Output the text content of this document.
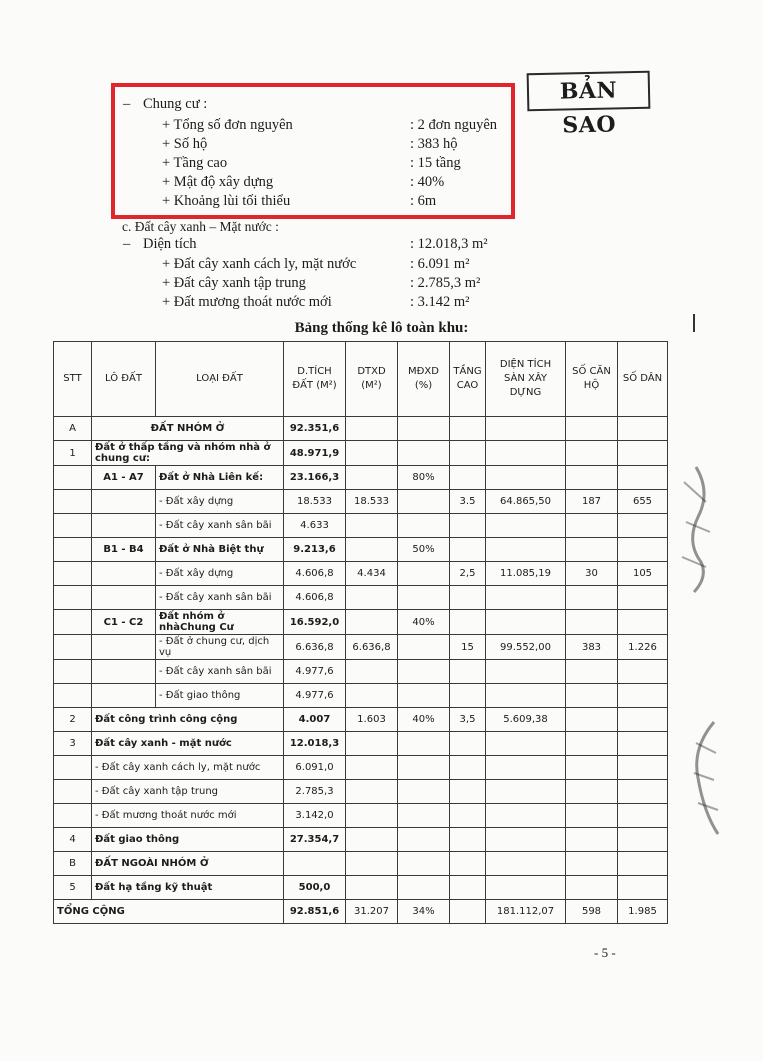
BẢN SAO
– Chung cư :
+ Tổng số đơn nguyên	: 2 đơn nguyên
+ Số hộ	: 383 hộ
+ Tầng cao	: 15 tầng
+ Mật độ xây dựng	: 40%
+ Khoảng lùi tối thiểu	: 6m
c. Đất cây xanh – Mặt nước :
– Diện tích	: 12.018,3 m²
+ Đất cây xanh cách ly, mặt nước	: 6.091 m²
+ Đất cây xanh tập trung	: 2.785,3 m²
+ Đất mương thoát nước mới	: 3.142 m²
Bảng thống kê lô toàn khu:
STT	LÔ ĐẤT	LOẠI ĐẤT	D.TÍCH ĐẤT (M²)	DTXD (M²)	MĐXD (%)	TẦNG CAO	DIỆN TÍCH SÀN XÂY DỰNG	SỐ CĂN HỘ	SỐ DÂN
A	ĐẤT NHÓM Ở		92.351,6						
1	Đất ở thấp tầng và nhóm nhà ở chung cư:		48.971,9						
	A1 - A7	Đất ở Nhà Liên kế:	23.166,3		80%				
		- Đất xây dựng	18.533	18.533		3.5	64.865,50	187	655
		- Đất cây xanh sân bãi	4.633						
	B1 - B4	Đất ở Nhà Biệt thự	9.213,6		50%				
		- Đất xây dựng	4.606,8	4.434		2,5	11.085,19	30	105
		- Đất cây xanh sân bãi	4.606,8						
	C1 - C2	Đất nhóm ở nhàChung Cư	16.592,0		40%				
		- Đất ở chung cư, dịch vụ	6.636,8	6.636,8		15	99.552,00	383	1.226
		- Đất cây xanh sân bãi	4.977,6						
		- Đất giao thông	4.977,6						
2	Đất công trình công cộng		4.007	1.603	40%	3,5	5.609,38		
3	Đất cây xanh - mặt nước		12.018,3						
	- Đất cây xanh cách ly, mặt nước		6.091,0						
	- Đất cây xanh tập trung		2.785,3						
	- Đất mương thoát nước mới		3.142,0						
4	Đất giao thông		27.354,7						
B	ĐẤT NGOÀI NHÓM Ở								
5	Đất hạ tầng kỹ thuật		500,0						
TỔNG CỘNG			92.851,6	31.207	34%		181.112,07	598	1.985
- 5 -
